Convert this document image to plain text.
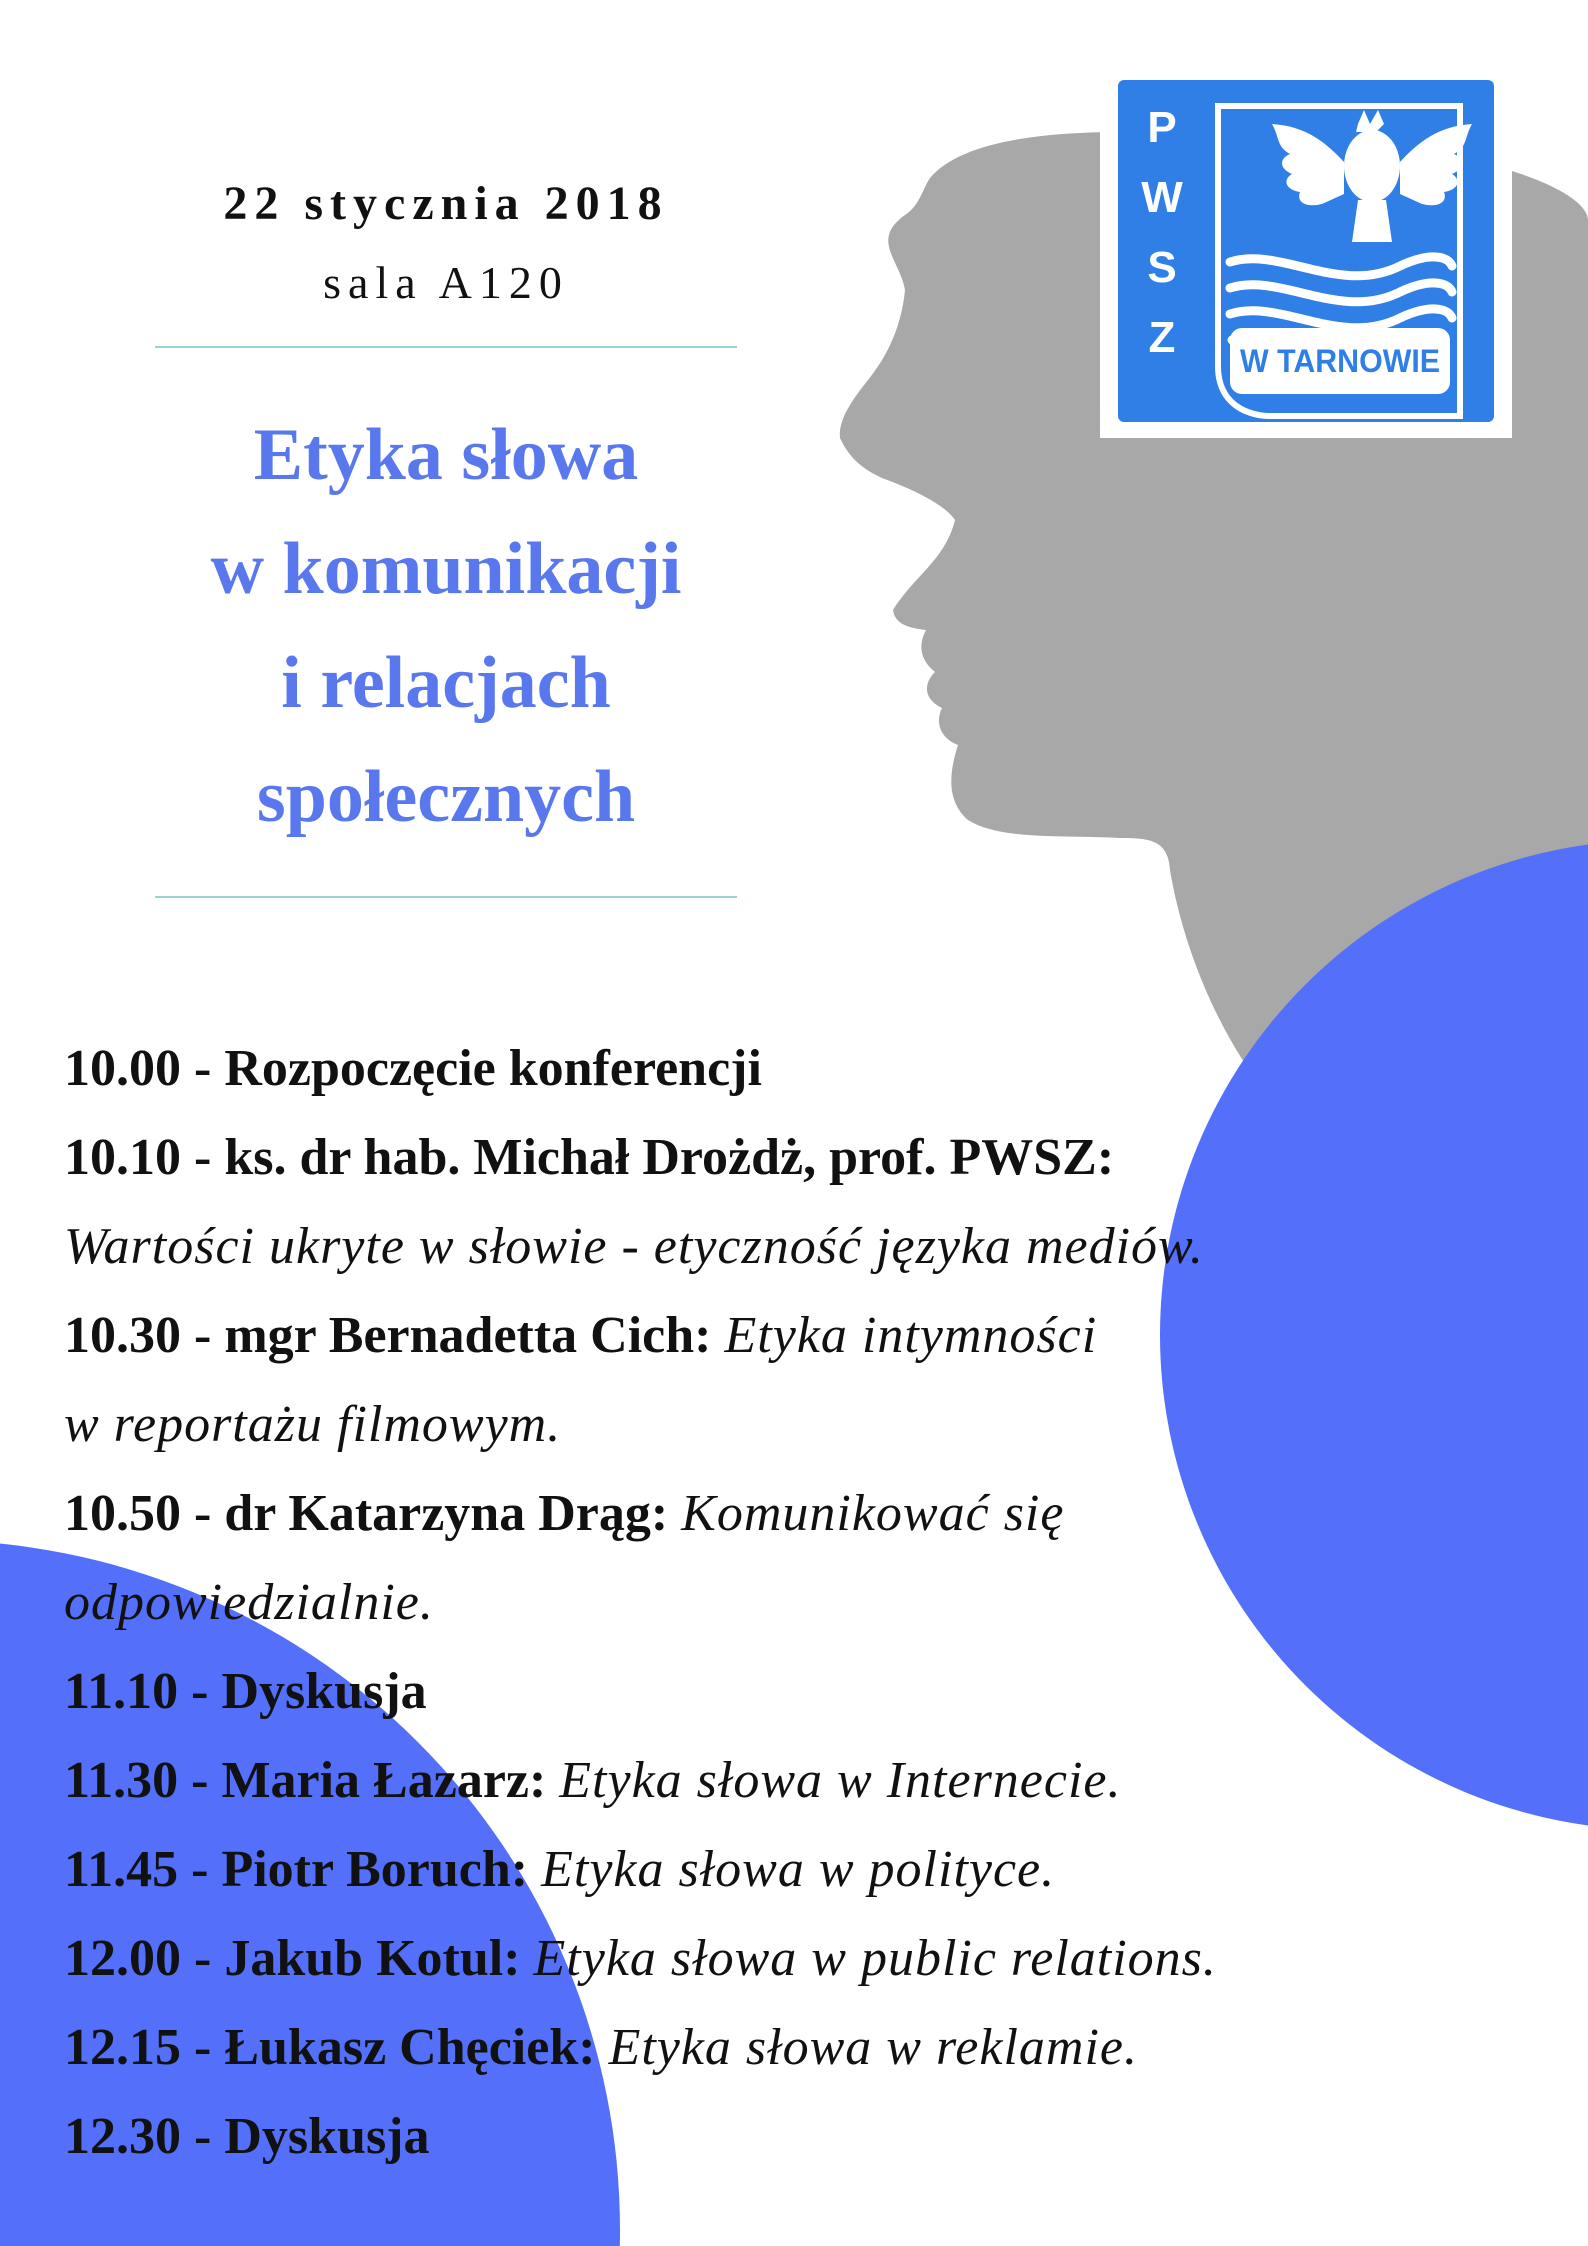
P
W
S
Z W TARNOWIE
22 stycznia 2018
sala A120
Etyka słowa
w komunikacji
i relacjach
społecznych
10.00 - Rozpoczęcie konferencji
10.10 - ks. dr hab. Michał Drożdż, prof. PWSZ:
Wartości ukryte w słowie - etyczność języka mediów.
10.30 - mgr Bernadetta Cich: Etyka intymności
w reportażu filmowym.
10.50 - dr Katarzyna Drąg: Komunikować się
odpowiedzialnie.
11.10 - Dyskusja
11.30 - Maria Łazarz: Etyka słowa w Internecie.
11.45 - Piotr Boruch: Etyka słowa w polityce.
12.00 - Jakub Kotul: Etyka słowa w public relations.
12.15 - Łukasz Chęciek: Etyka słowa w reklamie.
12.30 - Dyskusja
